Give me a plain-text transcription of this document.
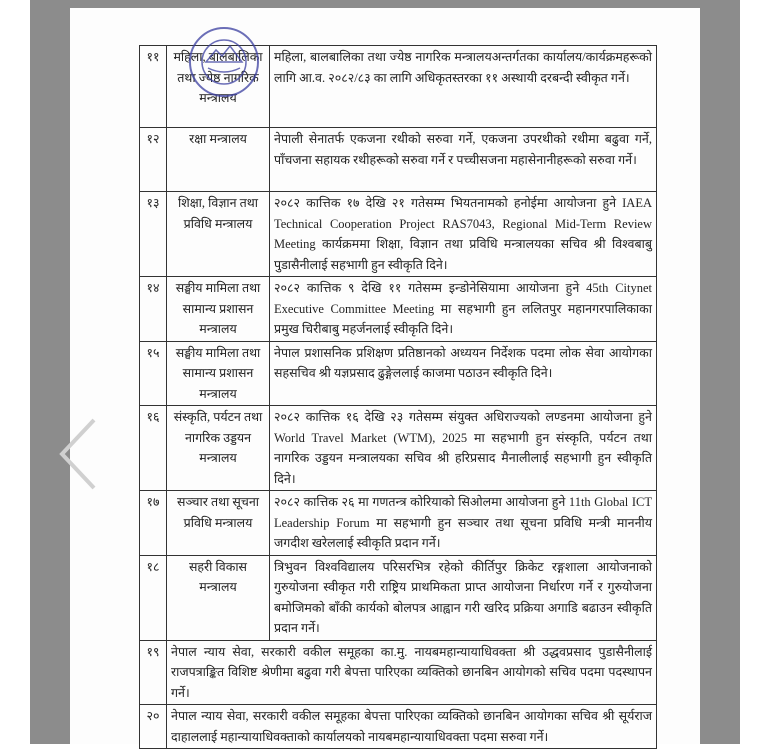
११	महिला, बालबालिका तथा ज्येष्ठ नागरिक मन्त्रालय	महिला, बालबालिका तथा ज्येष्ठ नागरिक मन्त्रालयअन्तर्गतका कार्यालय/कार्यक्रमहरूको लागि आ.व. २०८२/८३ का लागि अधिकृतस्तरका ११ अस्थायी दरबन्दी स्वीकृत गर्ने।
१२	रक्षा मन्त्रालय	नेपाली सेनातर्फ एकजना रथीको सरुवा गर्ने, एकजना उपरथीको रथीमा बढुवा गर्ने, पाँचजना सहायक रथीहरूको सरुवा गर्ने र पच्चीसजना महासेनानीहरूको सरुवा गर्ने।
१३	शिक्षा, विज्ञान तथा प्रविधि मन्त्रालय	२०८२ कात्तिक १७ देखि २१ गतेसम्म भियतनामको हनोईमा आयोजना हुने IAEA Technical Cooperation Project RAS7043, Regional Mid-Term Review Meeting कार्यक्रममा शिक्षा, विज्ञान तथा प्रविधि मन्त्रालयका सचिव श्री विश्वबाबु पुडासैनीलाई सहभागी हुन स्वीकृति दिने।
१४	सङ्घीय मामिला तथा सामान्य प्रशासन मन्त्रालय	२०८२ कात्तिक ९ देखि ११ गतेसम्म इन्डोनेसियामा आयोजना हुने 45th Citynet Executive Committee Meeting मा सहभागी हुन ललितपुर महानगरपालिकाका प्रमुख चिरीबाबु महर्जनलाई स्वीकृति दिने।
१५	सङ्घीय मामिला तथा सामान्य प्रशासन मन्त्रालय	नेपाल प्रशासनिक प्रशिक्षण प्रतिष्ठानको अध्ययन निर्देशक पदमा लोक सेवा आयोगका सहसचिव श्री यज्ञप्रसाद ढुङ्गेललाई काजमा पठाउन स्वीकृति दिने।
१६	संस्कृति, पर्यटन तथा नागरिक उड्डयन मन्त्रालय	२०८२ कात्तिक १६ देखि २३ गतेसम्म संयुक्त अधिराज्यको लण्डनमा आयोजना हुने World Travel Market (WTM), 2025 मा सहभागी हुन संस्कृति, पर्यटन तथा नागरिक उड्डयन मन्त्रालयका सचिव श्री हरिप्रसाद मैनालीलाई सहभागी हुन स्वीकृति दिने।
१७	सञ्चार तथा सूचना प्रविधि मन्त्रालय	२०८२ कात्तिक २६ मा गणतन्त्र कोरियाको सिओलमा आयोजना हुने 11th Global ICT Leadership Forum मा सहभागी हुन सञ्चार तथा सूचना प्रविधि मन्त्री माननीय जगदीश खरेललाई स्वीकृति प्रदान गर्ने।
१८	सहरी विकास मन्त्रालय	त्रिभुवन विश्वविद्यालय परिसरभित्र रहेको कीर्तिपुर क्रिकेट रङ्गशाला आयोजनाको गुरुयोजना स्वीकृत गरी राष्ट्रिय प्राथमिकता प्राप्त आयोजना निर्धारण गर्ने र गुरुयोजना बमोजिमको बाँकी कार्यको बोलपत्र आह्वान गरी खरिद प्रक्रिया अगाडि बढाउन स्वीकृति प्रदान गर्ने।
१९	नेपाल न्याय सेवा, सरकारी वकील समूहका का.मु. नायबमहान्यायाधिवक्ता श्री उद्धवप्रसाद पुडासैनीलाई राजपत्राङ्कित विशिष्ट श्रेणीमा बढुवा गरी बेपत्ता पारिएका व्यक्तिको छानबिन आयोगको सचिव पदमा पदस्थापन गर्ने।	
२०	नेपाल न्याय सेवा, सरकारी वकील समूहका बेपत्ता पारिएका व्यक्तिको छानबिन आयोगका सचिव श्री सूर्यराज दाहाललाई महान्यायाधिवक्ताको कार्यालयको नायबमहान्यायाधिवक्ता पदमा सरुवा गर्ने।	
